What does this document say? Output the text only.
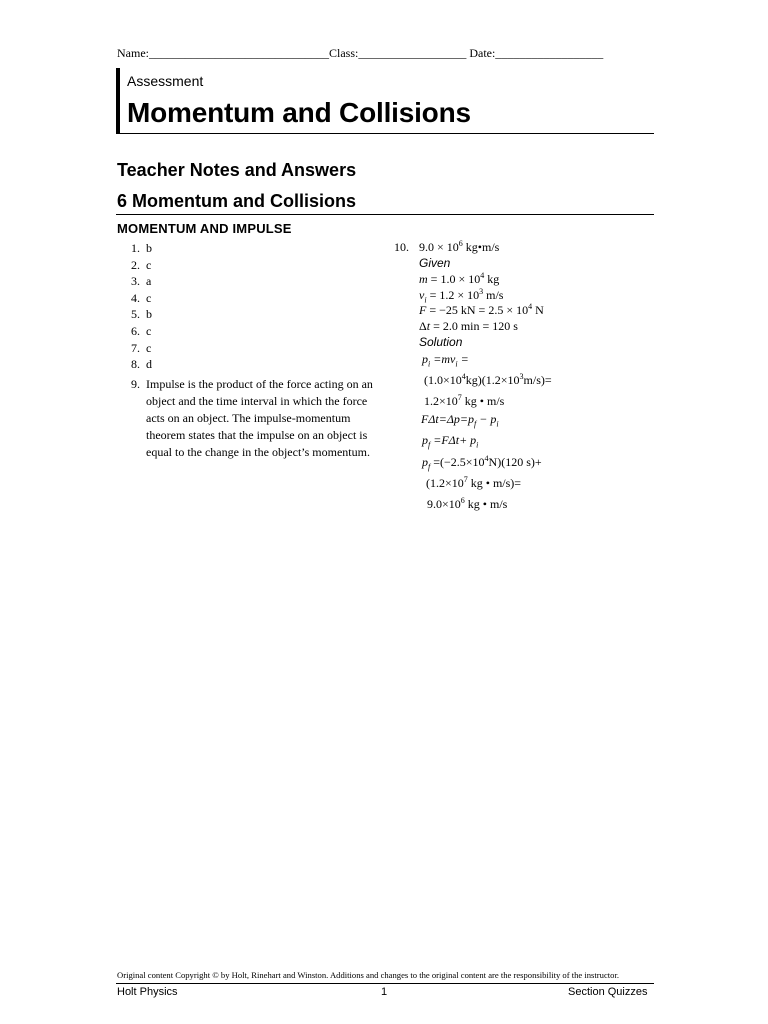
Name:______________________________Class:__________________ Date:__________________
Assessment
Momentum and Collisions
Teacher Notes and Answers
6 Momentum and Collisions
MOMENTUM AND IMPULSE
1. b
2. c
3. a
4. c
5. b
6. c
7. c
8. d
9. Impulse is the product of the force acting on an object and the time interval in which the force acts on an object. The impulse-momentum theorem states that the impulse on an object is equal to the change in the object’s momentum.
10. $9.0 \times 10^6$ kg•m/s
Given
$m = 1.0 \times 10^4$ kg
$v_i = 1.2 \times 10^3$ m/s
F = −25 kN = $2.5 \times 10^4$ N
Δt = 2.0 min = 120 s
Solution
$p_i =mv_i$ =
$(1.0\times 10^4kg)(1.2\times 10^3m/s)=$
$1.2\times 10^7$ kg • m/s
$F\Delta t=\Delta p=p_f - p_i$
$p_f =F\Delta t+ p_i$
$p_f =(-2.5\times 10^4N)(120$ s)+
($1.2\times 10^7$ kg • m/s)=
$9.0\times 10^6$ kg • m/s
Original content Copyright © by Holt, Rinehart and Winston. Additions and changes to the original content are the responsibility of the instructor.
Holt Physics	1	Section Quizzes
